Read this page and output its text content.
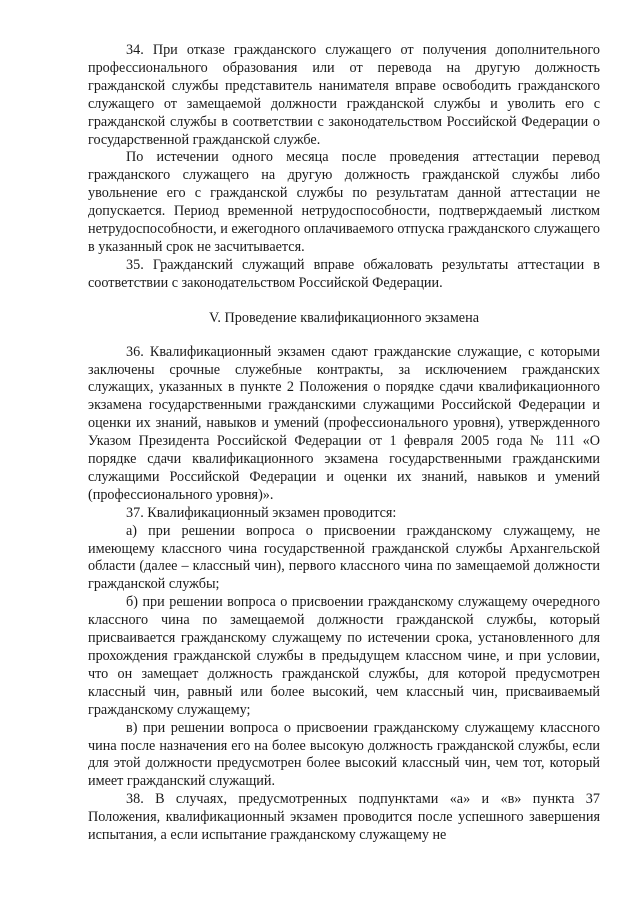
34. При отказе гражданского служащего от получения дополнительного профессионального образования или от перевода на другую должность гражданской службы представитель нанимателя вправе освободить гражданского служащего от замещаемой должности гражданской службы и уволить его с гражданской службы в соответствии с законодательством Российской Федерации о государственной гражданской службе.

По истечении одного месяца после проведения аттестации перевод гражданского служащего на другую должность гражданской службы либо увольнение его с гражданской службы по результатам данной аттестации не допускается. Период временной нетрудоспособности, подтверждаемый листком нетрудоспособности, и ежегодного оплачиваемого отпуска гражданского служащего в указанный срок не засчитывается.

35. Гражданский служащий вправе обжаловать результаты аттестации в соответствии с законодательством Российской Федерации.

V. Проведение квалификационного экзамена

36. Квалификационный экзамен сдают гражданские служащие, с которыми заключены срочные служебные контракты, за исключением гражданских служащих, указанных в пункте 2 Положения о порядке сдачи квалификационного экзамена государственными гражданскими служащими Российской Федерации и оценки их знаний, навыков и умений (профессионального уровня), утвержденного Указом Президента Российской Федерации от 1 февраля 2005 года № 111 «О порядке сдачи квалификационного экзамена государственными гражданскими служащими Российской Федерации и оценки их знаний, навыков и умений (профессионального уровня)».

37. Квалификационный экзамен проводится:

а) при решении вопроса о присвоении гражданскому служащему, не имеющему классного чина государственной гражданской службы Архангельской области (далее – классный чин), первого классного чина по замещаемой должности гражданской службы;

б) при решении вопроса о присвоении гражданскому служащему очередного классного чина по замещаемой должности гражданской службы, который присваивается гражданскому служащему по истечении срока, установленного для прохождения гражданской службы в предыдущем классном чине, и при условии, что он замещает должность гражданской службы, для которой предусмотрен классный чин, равный или более высокий, чем классный чин, присваиваемый гражданскому служащему;

в) при решении вопроса о присвоении гражданскому служащему классного чина после назначения его на более высокую должность гражданской службы, если для этой должности предусмотрен более высокий классный чин, чем тот, который имеет гражданский служащий.

38. В случаях, предусмотренных подпунктами «а» и «в» пункта 37 Положения, квалификационный экзамен проводится после успешного завершения испытания, а если испытание гражданскому служащему не
